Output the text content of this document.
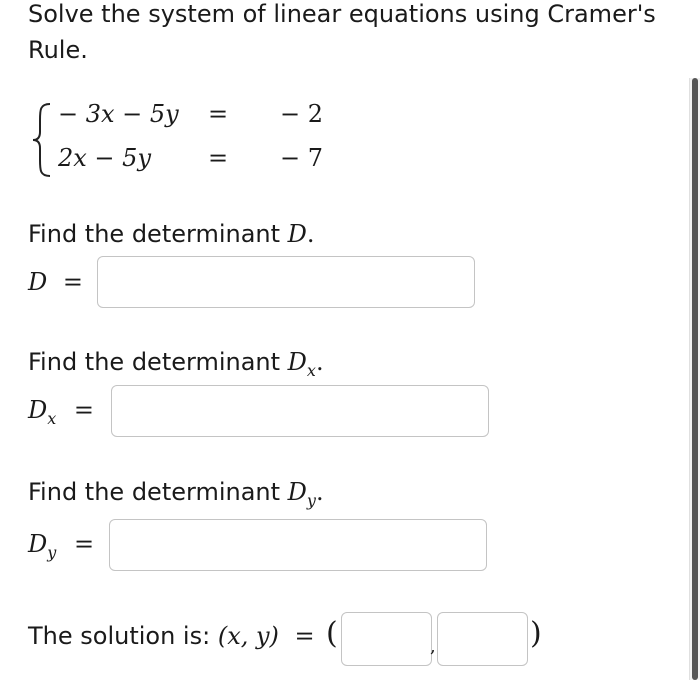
Solve the system of linear equations using Cramer's
Rule.
− 3x − 5y = − 2
2x − 5y = − 7
Find the determinant D.
D =
Find the determinant $D_x$.
$D_x$ =
Find the determinant $D_y$.
$D_y$ =
The solution is: (x, y) = (	,	)
